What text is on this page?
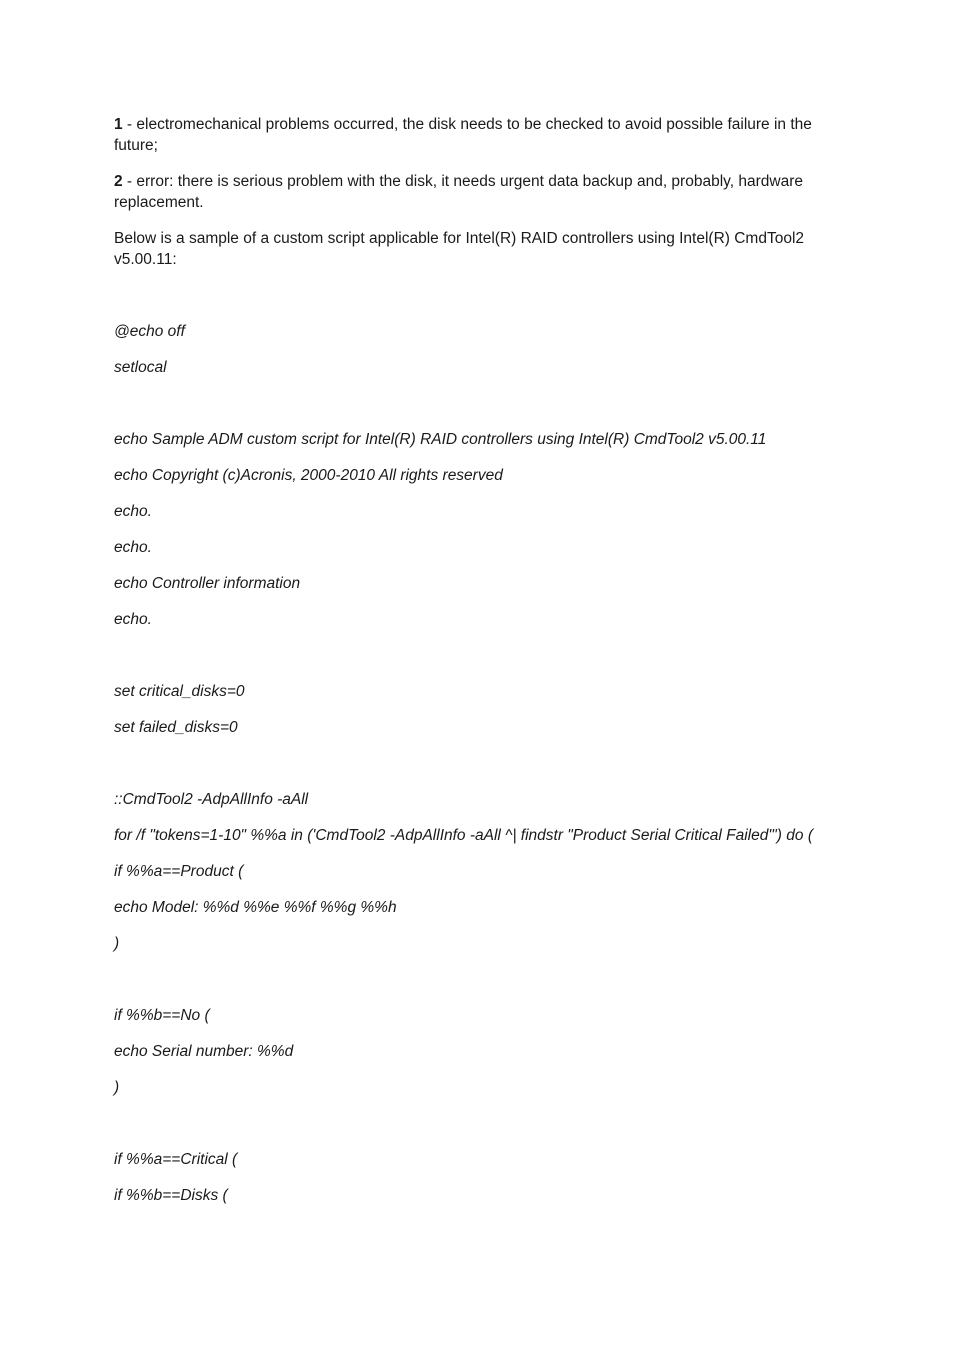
1 - electromechanical problems occurred, the disk needs to be checked to avoid possible failure in the future;

2 - error: there is serious problem with the disk, it needs urgent data backup and, probably, hardware replacement.

Below is a sample of a custom script applicable for Intel(R) RAID controllers using Intel(R) CmdTool2 v5.00.11:

@echo off

setlocal

echo Sample ADM custom script for Intel(R) RAID controllers using Intel(R) CmdTool2 v5.00.11

echo Copyright (c)Acronis, 2000-2010 All rights reserved

echo.

echo.

echo Controller information

echo.

set critical_disks=0

set failed_disks=0

::CmdTool2 -AdpAllInfo -aAll

for /f "tokens=1-10" %%a in ('CmdTool2 -AdpAllInfo -aAll ^| findstr "Product Serial Critical Failed"') do (

if %%a==Product (

echo Model: %%d %%e %%f %%g %%h

)

if %%b==No (

echo Serial number: %%d

)

if %%a==Critical (

if %%b==Disks (
